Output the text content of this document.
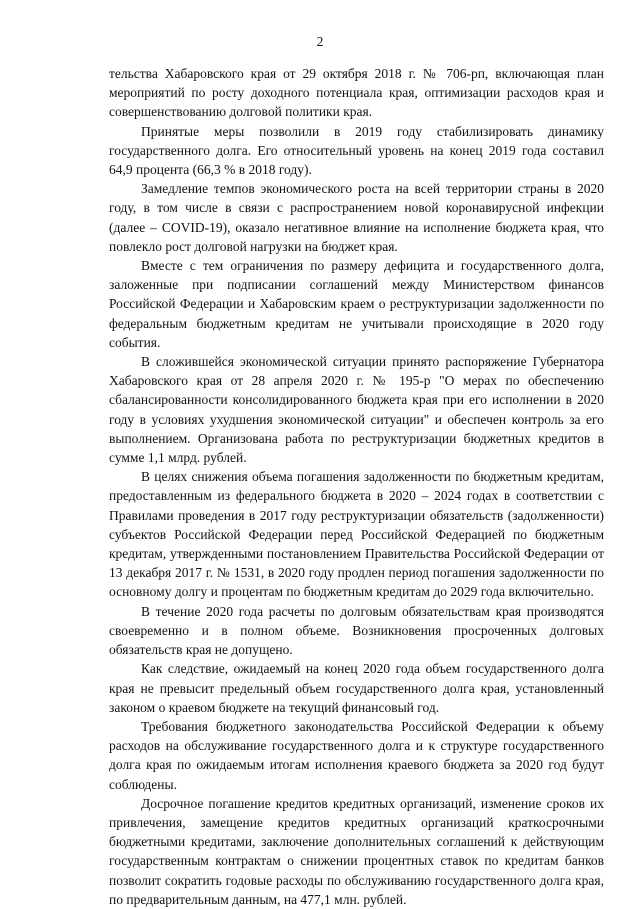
2

тельства Хабаровского края от 29 октября 2018 г. № 706-рп, включающая план мероприятий по росту доходного потенциала края, оптимизации расходов края и совершенствованию долговой политики края.

Принятые меры позволили в 2019 году стабилизировать динамику государственного долга. Его относительный уровень на конец 2019 года составил 64,9 процента (66,3 % в 2018 году).

Замедление темпов экономического роста на всей территории страны в 2020 году, в том числе в связи с распространением новой коронавирусной инфекции (далее – COVID-19), оказало негативное влияние на исполнение бюджета края, что повлекло рост долговой нагрузки на бюджет края.

Вместе с тем ограничения по размеру дефицита и государственного долга, заложенные при подписании соглашений между Министерством финансов Российской Федерации и Хабаровским краем о реструктуризации задолженности по федеральным бюджетным кредитам не учитывали происходящие в 2020 году события.

В сложившейся экономической ситуации принято распоряжение Губернатора Хабаровского края от 28 апреля 2020 г. № 195-р "О мерах по обеспечению сбалансированности консолидированного бюджета края при его исполнении в 2020 году в условиях ухудшения экономической ситуации" и обеспечен контроль за его выполнением. Организована работа по реструктуризации бюджетных кредитов в сумме 1,1 млрд. рублей.

В целях снижения объема погашения задолженности по бюджетным кредитам, предоставленным из федерального бюджета в 2020 – 2024 годах в соответствии с Правилами проведения в 2017 году реструктуризации обязательств (задолженности) субъектов Российской Федерации перед Российской Федерацией по бюджетным кредитам, утвержденными постановлением Правительства Российской Федерации от 13 декабря 2017 г. № 1531, в 2020 году продлен период погашения задолженности по основному долгу и процентам по бюджетным кредитам до 2029 года включительно.

В течение 2020 года расчеты по долговым обязательствам края производятся своевременно и в полном объеме. Возникновения просроченных долговых обязательств края не допущено.

Как следствие, ожидаемый на конец 2020 года объем государственного долга края не превысит предельный объем государственного долга края, установленный законом о краевом бюджете на текущий финансовый год.

Требования бюджетного законодательства Российской Федерации к объему расходов на обслуживание государственного долга и к структуре государственного долга края по ожидаемым итогам исполнения краевого бюджета за 2020 год будут соблюдены.

Досрочное погашение кредитов кредитных организаций, изменение сроков их привлечения, замещение кредитов кредитных организаций краткосрочными бюджетными кредитами, заключение дополнительных соглашений к действующим государственным контрактам о снижении процентных ставок по кредитам банков позволит сократить годовые расходы по обслуживанию государственного долга края, по предварительным данным, на 477,1 млн. рублей.
